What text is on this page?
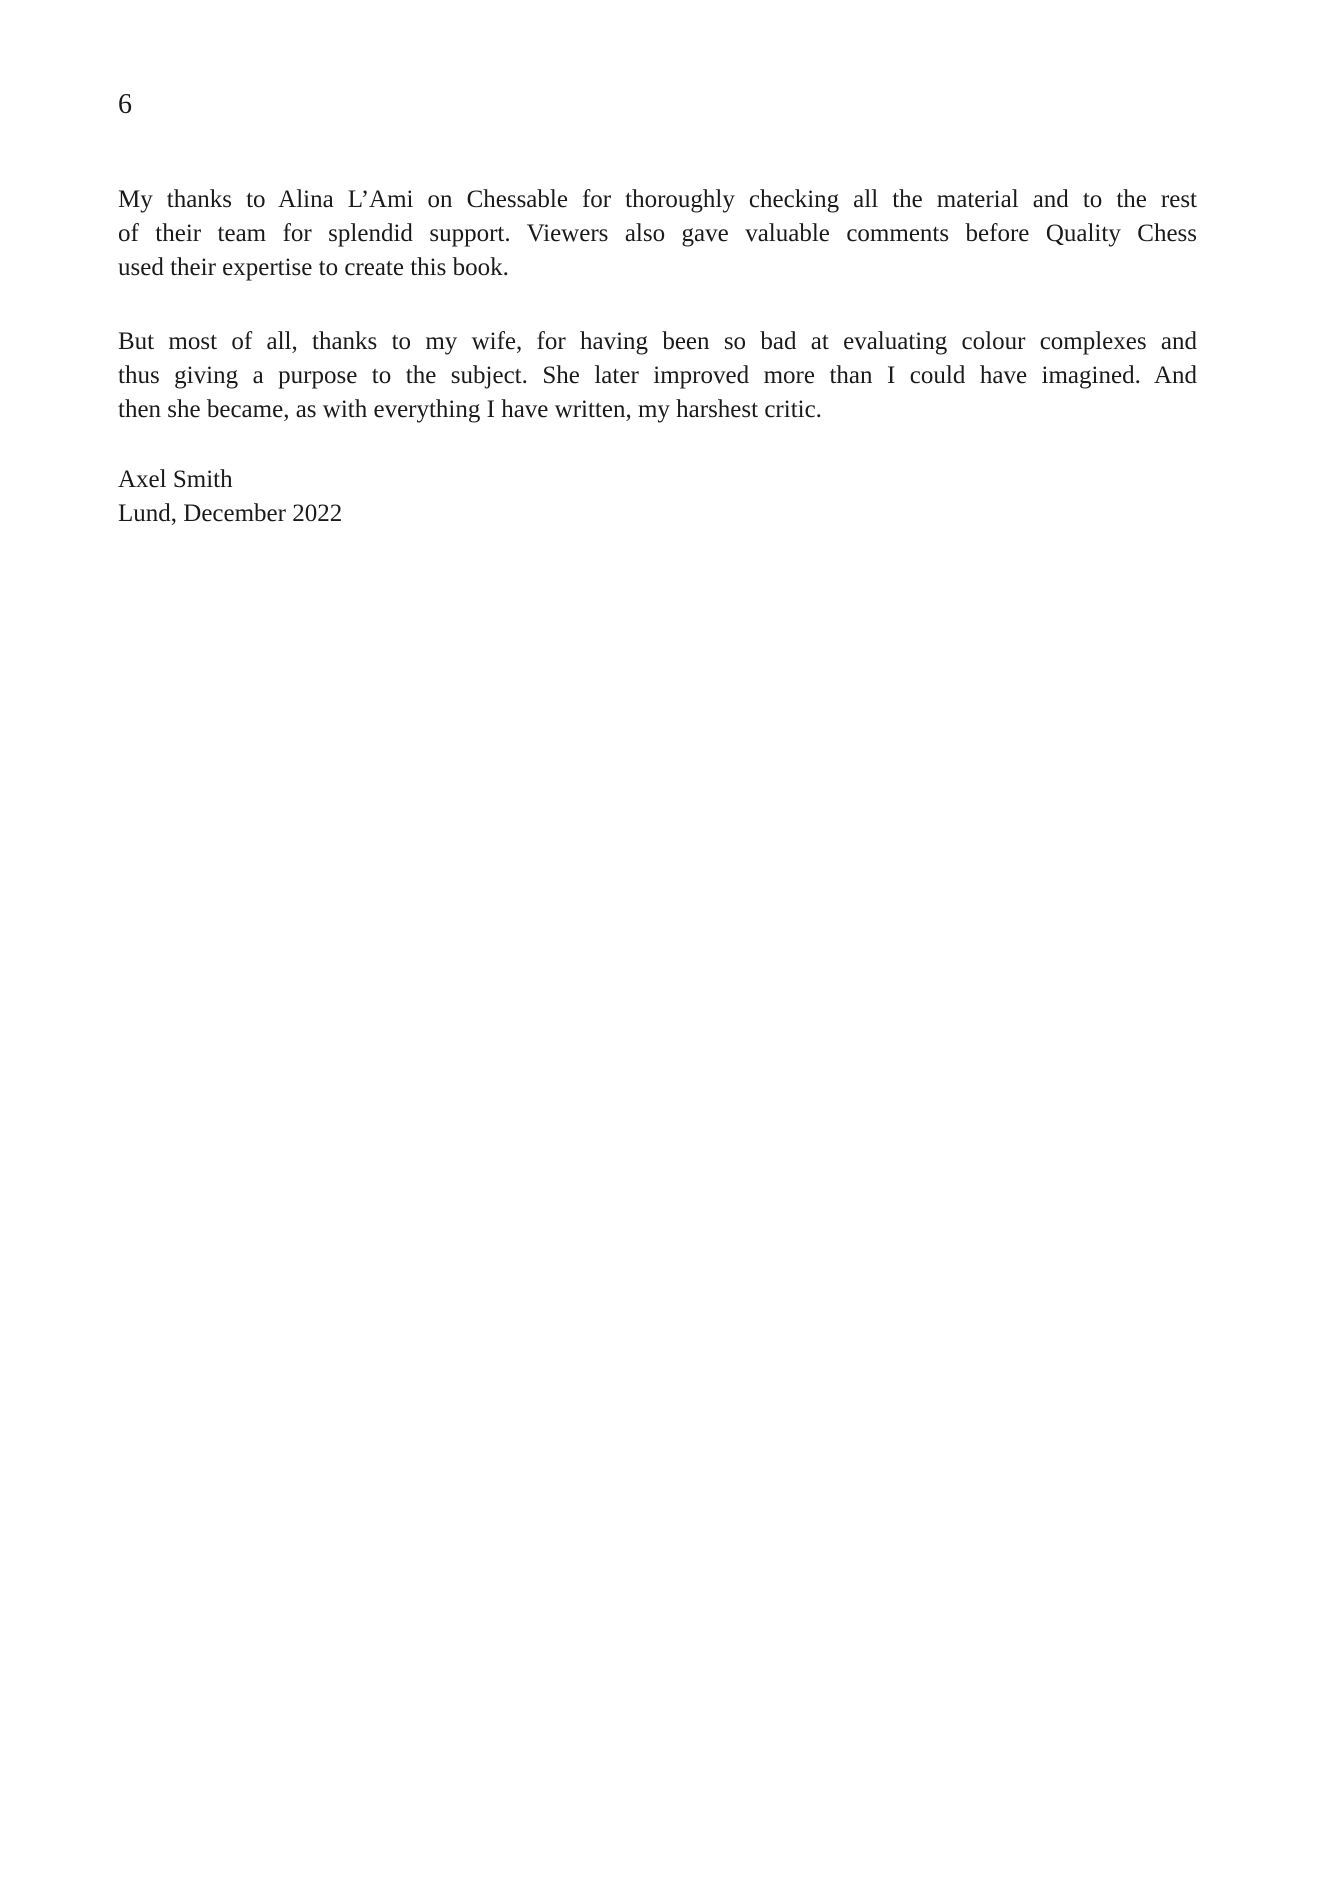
6
My thanks to Alina L’Ami on Chessable for thoroughly checking all the material and to the rest
of their team for splendid support. Viewers also gave valuable comments before Quality Chess
used their expertise to create this book.
But most of all, thanks to my wife, for having been so bad at evaluating colour complexes and
thus giving a purpose to the subject. She later improved more than I could have imagined. And
then she became, as with everything I have written, my harshest critic.
Axel Smith
Lund, December 2022
